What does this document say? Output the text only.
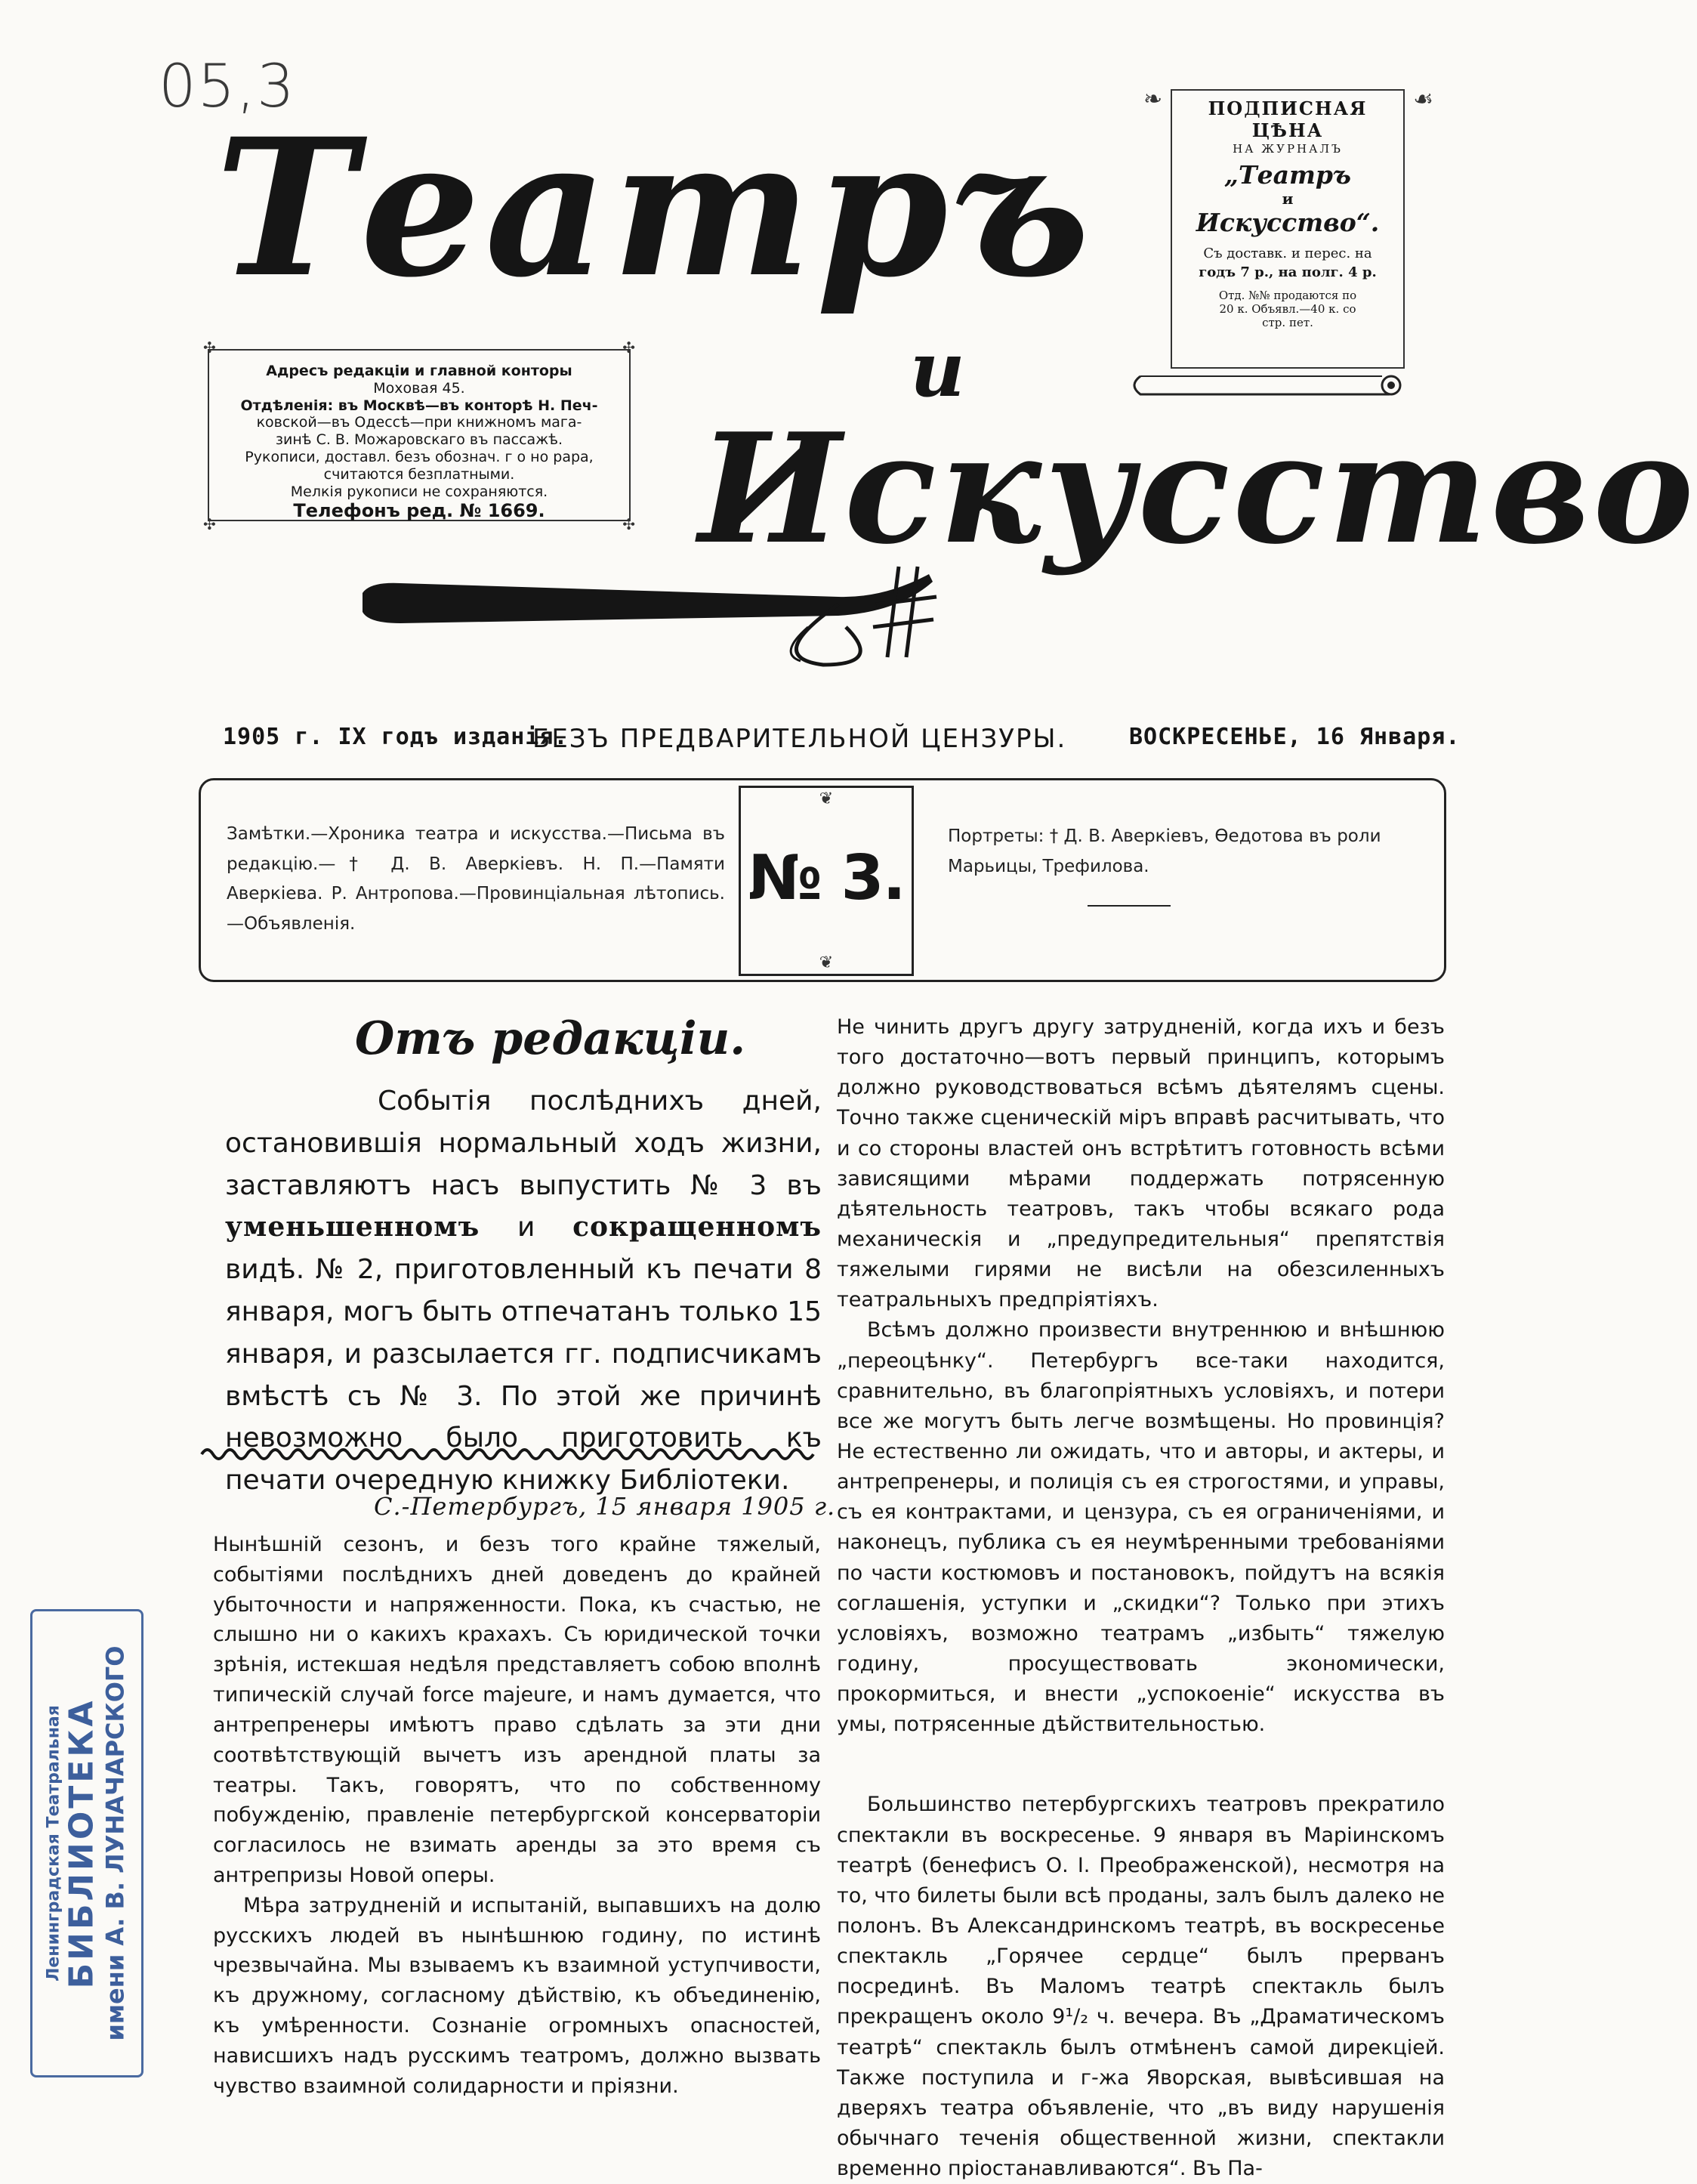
05,3
Театръ
и
Искусство
✣	✣
✣	✣
Адресъ редакціи и главной конторы
Моховая 45.
Отдѣленія: въ Москвѣ—въ конторѣ Н. Печ-
ковской—въ Одессѣ—при книжномъ мага-
зинѣ С. В. Можаровскаго въ пассажѣ.
Рукописи, доставл. безъ обознач. г о но рара,
считаются безплатными.
Мелкія рукописи не сохраняются.
Телефонъ ред. № 1669.
❧	☙
ПОДПИСНАЯ ЦѢНА
НА ЖУРНАЛЪ
„Театръ
и
Искусство“.
Съ доставк. и перес. на
годъ 7 р., на полг. 4 р.
Отд. №№ продаются по
20 к. Объявл.—40 к. со
стр. пет.
1905 г. IX годъ изданія.
БЕЗЪ ПРЕДВАРИТЕЛЬНОЙ ЦЕНЗУРЫ.	ВОСКРЕСЕНЬЕ, 16 Января.
Замѣтки.—Хроника театра и искусства.—Письма въ редакцію.—† Д. В. Аверкіевъ. Н. П.—Памяти Аверкіева. Р. Антропова.—Провинціальная лѣтопись.—Объявленія.
❦
№ 3.
❦
Портреты: † Д. В. Аверкіевъ, Ѳедотова въ роли Марьицы, Трефилова.
Отъ редакціи.
Событія послѣднихъ дней, остановившія нормальный ходъ жизни, заставляютъ насъ выпустить № 3 въ уменьшенномъ и сокращенномъ видѣ. № 2, приготовленный къ печати 8 января, могъ быть отпечатанъ только 15 января, и разсылается гг. подписчикамъ вмѣстѣ съ № 3. По этой же причинѣ невозможно было приготовить къ печати очередную книжку Библіотеки.
С.-Петербургъ, 15 января 1905 г.

Нынѣшній сезонъ, и безъ того крайне тяжелый, событіями послѣднихъ дней доведенъ до крайней убыточности и напряженности. Пока, къ счастью, не слышно ни о какихъ крахахъ. Съ юридической точки зрѣнія, истекшая недѣля представляетъ собою вполнѣ типическій случай force majeure, и намъ думается, что антрепренеры имѣютъ право сдѣлать за эти дни соотвѣтствующій вычетъ изъ арендной платы за театры. Такъ, говорятъ, что по собственному побужденію, правленіе петербургской консерваторіи согласилось не взимать аренды за это время съ антрепризы Новой оперы.

Мѣра затрудненій и испытаній, выпавшихъ на долю русскихъ людей въ нынѣшнюю годину, по истинѣ чрезвычайна. Мы взываемъ къ взаимной уступчивости, къ дружному, согласному дѣйствію, къ объединенію, къ умѣренности. Сознаніе огромныхъ опасностей, нависшихъ надъ русскимъ театромъ, должно вызвать чувство взаимной солидарности и пріязни.

Не чинить другъ другу затрудненій, когда ихъ и безъ того достаточно—вотъ первый принципъ, которымъ должно руководствоваться всѣмъ дѣятелямъ сцены. Точно также сценическій міръ вправѣ расчитывать, что и со стороны властей онъ встрѣтитъ готовность всѣми зависящими мѣрами поддержать потрясенную дѣятельность театровъ, такъ чтобы всякаго рода механическія и „предупредительныя“ препятствія тяжелыми гирями не висѣли на обезсиленныхъ театральныхъ предпріятіяхъ.

Всѣмъ должно произвести внутреннюю и внѣшнюю „переоцѣнку“. Петербургъ все-таки находится, сравнительно, въ благопріятныхъ условіяхъ, и потери все же могутъ быть легче возмѣщены. Но провинція? Не естественно ли ожидать, что и авторы, и актеры, и антрепренеры, и полиція съ ея строгостями, и управы, съ ея контрактами, и цензура, съ ея ограниченіями, и наконецъ, публика съ ея неумѣренными требованіями по части костюмовъ и постановокъ, пойдутъ на всякія соглашенія, уступки и „скидки“? Только при этихъ условіяхъ, возможно театрамъ „избыть“ тяжелую годину, просуществовать экономически, прокормиться, и внести „успокоеніе“ искусства въ умы, потрясенные дѣйствительностью.

Большинство петербургскихъ театровъ прекратило спектакли въ воскресенье. 9 января въ Маріинскомъ театрѣ (бенефисъ О. І. Преображенской), несмотря на то, что билеты были всѣ проданы, залъ былъ далеко не полонъ. Въ Александринскомъ театрѣ, въ воскресенье спектакль „Горячее сердце“ былъ прерванъ посрединѣ. Въ Маломъ театрѣ спектакль былъ прекращенъ около 9¹/₂ ч. вечера. Въ „Драматическомъ театрѣ“ спектакль былъ отмѣненъ самой дирекціей. Также поступила и г-жа Яворская, вывѣсившая на дверяхъ театра объявленіе, что „въ виду нарушенія обычнаго теченія общественной жизни, спектакли временно пріостанавливаются“. Въ Па-

Ленинградская Театральная БИБЛИОТЕКА имени А. В. ЛУНАЧАРСКОГО
